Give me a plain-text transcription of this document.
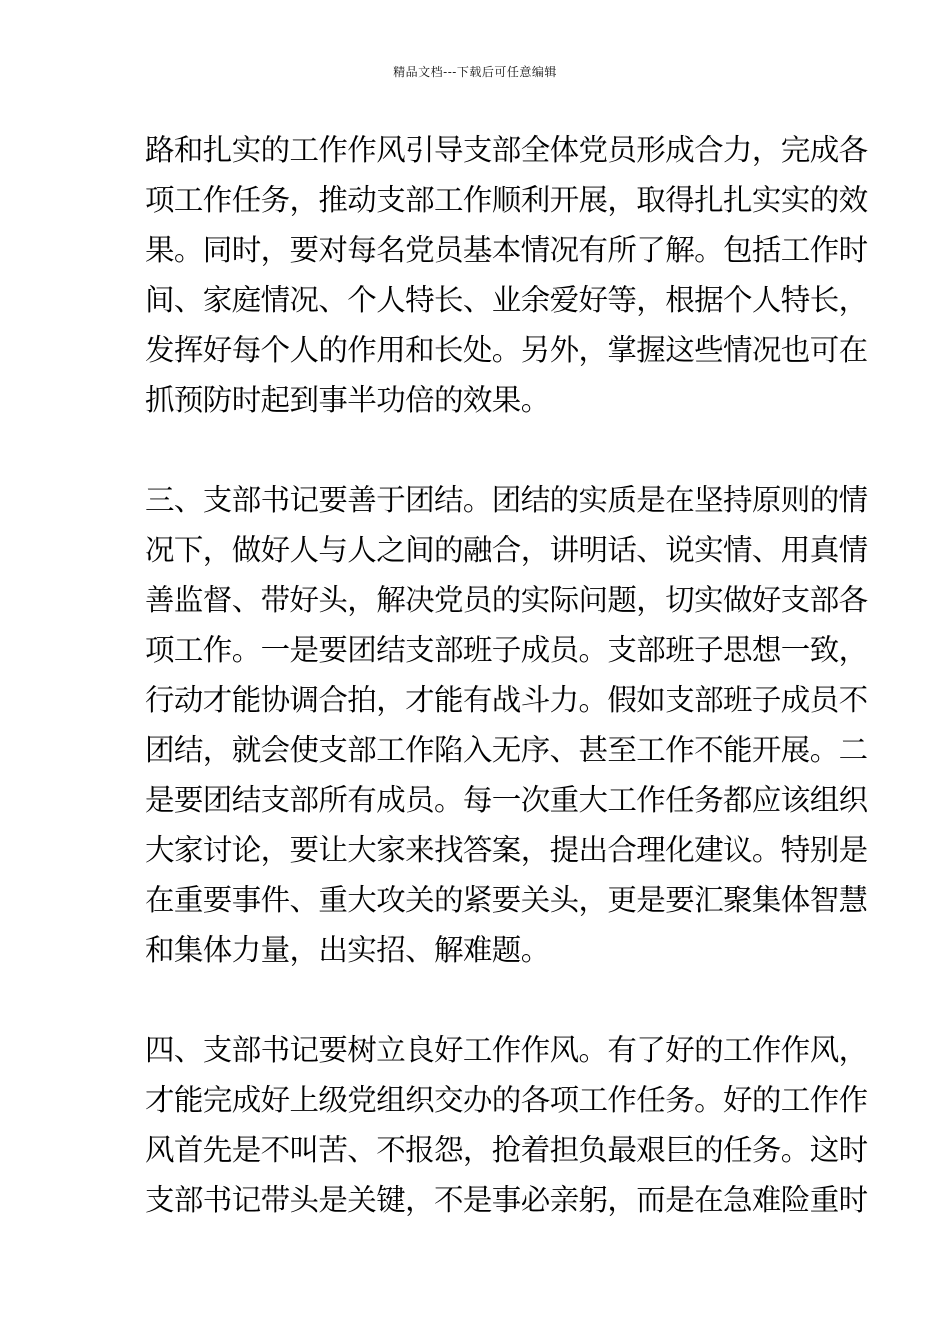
精品文档---下载后可任意编辑
路和扎实的工作作风引导支部全体党员形成合力，完成各
项工作任务，推动支部工作顺利开展，取得扎扎实实的效
果。同时，要对每名党员基本情况有所了解。包括工作时
间、家庭情况、个人特长、业余爱好等，根据个人特长，
发挥好每个人的作用和长处。另外，掌握这些情况也可在
抓预防时起到事半功倍的效果。
三、支部书记要善于团结。团结的实质是在坚持原则的情
况下，做好人与人之间的融合，讲明话、说实情、用真情
善监督、带好头，解决党员的实际问题，切实做好支部各
项工作。一是要团结支部班子成员。支部班子思想一致，
行动才能协调合拍，才能有战斗力。假如支部班子成员不
团结，就会使支部工作陷入无序、甚至工作不能开展。二
是要团结支部所有成员。每一次重大工作任务都应该组织
大家讨论，要让大家来找答案，提出合理化建议。特别是
在重要事件、重大攻关的紧要关头，更是要汇聚集体智慧
和集体力量，出实招、解难题。
四、支部书记要树立良好工作作风。有了好的工作作风，
才能完成好上级党组织交办的各项工作任务。好的工作作
风首先是不叫苦、不报怨，抢着担负最艰巨的任务。这时
支部书记带头是关键，不是事必亲躬，而是在急难险重时
